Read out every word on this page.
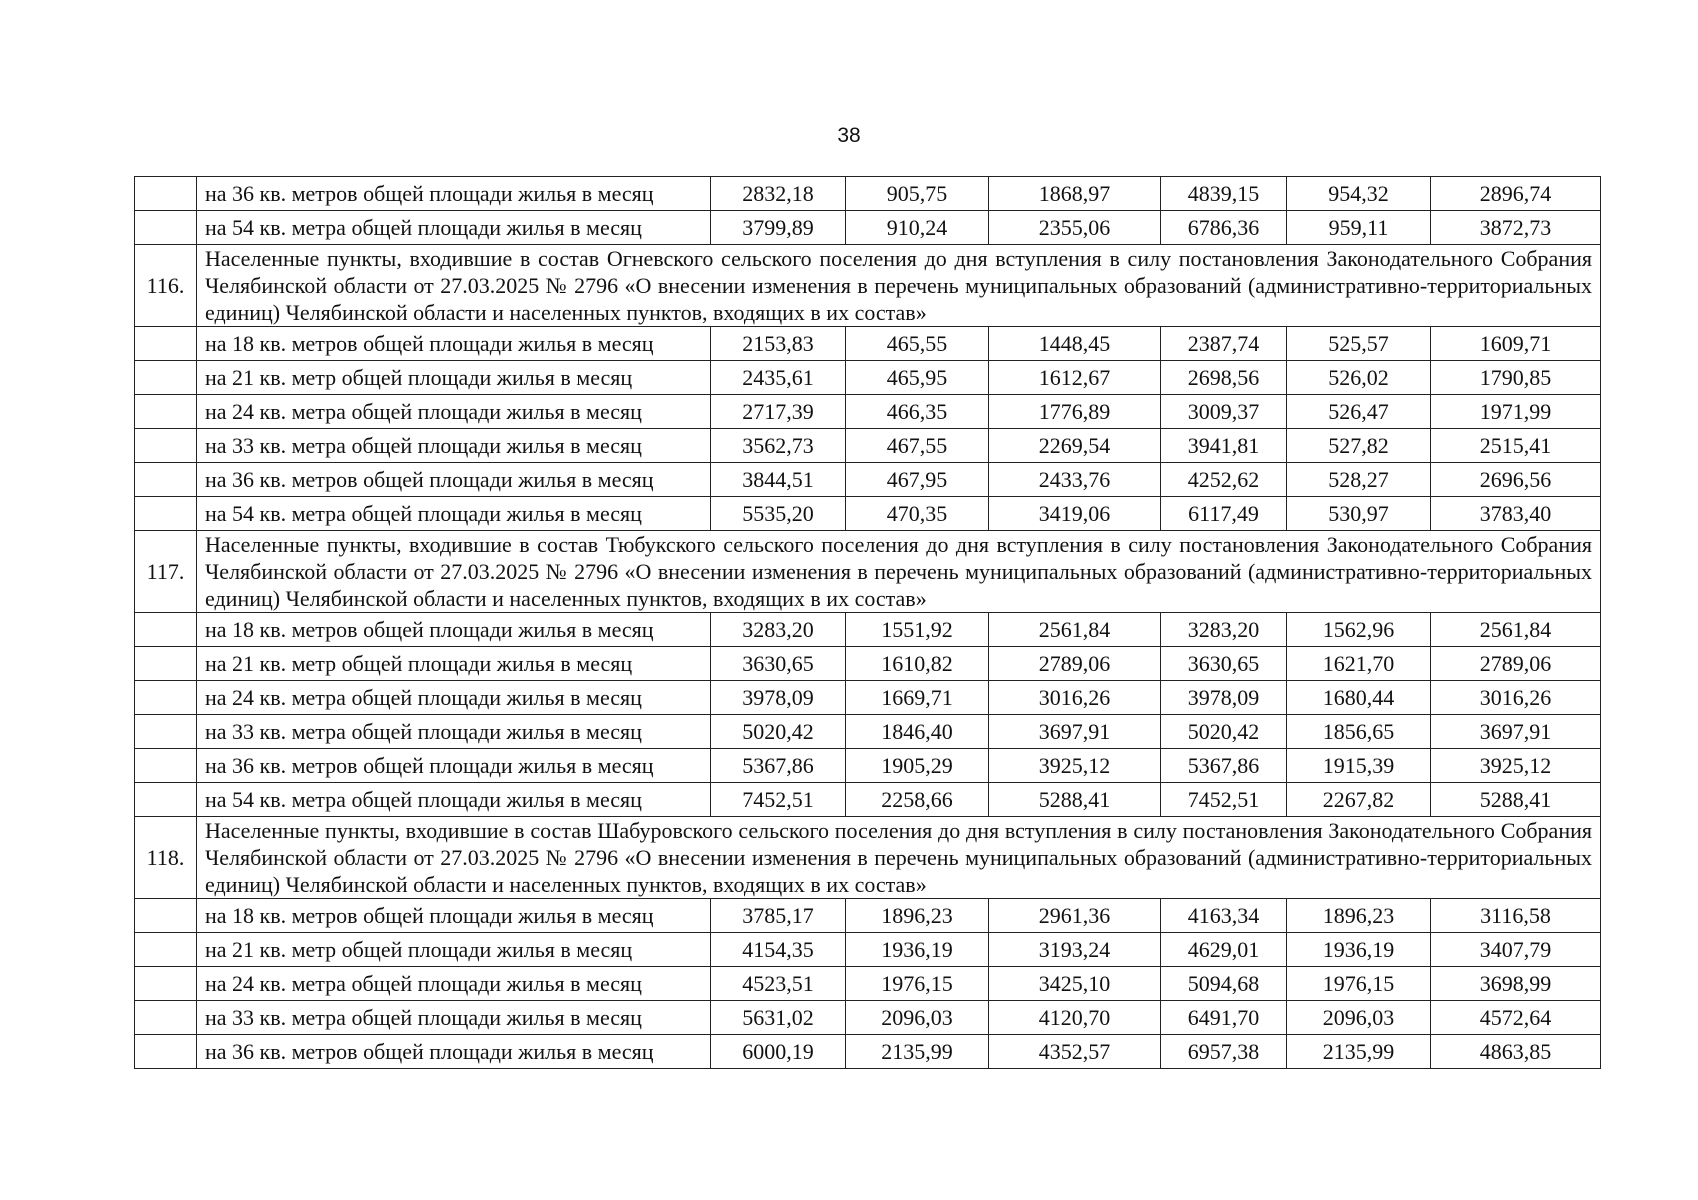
38
	на 36 кв. метров общей площади жилья в месяц	2832,18	905,75	1868,97	4839,15	954,32	2896,74
	на 54 кв. метра общей площади жилья в месяц	3799,89	910,24	2355,06	6786,36	959,11	3872,73
116.	Населенные пункты, входившие в состав Огневского сельского поселения до дня вступления в силу постановления Законодательного Собрания Челябинской области от 27.03.2025 № 2796 «О внесении изменения в перечень муниципальных образований (административно-территориальных единиц) Челябинской области и населенных пунктов, входящих в их состав»						
	на 18 кв. метров общей площади жилья в месяц	2153,83	465,55	1448,45	2387,74	525,57	1609,71
	на 21 кв. метр общей площади жилья в месяц	2435,61	465,95	1612,67	2698,56	526,02	1790,85
	на 24 кв. метра общей площади жилья в месяц	2717,39	466,35	1776,89	3009,37	526,47	1971,99
	на 33 кв. метра общей площади жилья в месяц	3562,73	467,55	2269,54	3941,81	527,82	2515,41
	на 36 кв. метров общей площади жилья в месяц	3844,51	467,95	2433,76	4252,62	528,27	2696,56
	на 54 кв. метра общей площади жилья в месяц	5535,20	470,35	3419,06	6117,49	530,97	3783,40
117.	Населенные пункты, входившие в состав Тюбукского сельского поселения до дня вступления в силу постановления Законодательного Собрания Челябинской области от 27.03.2025 № 2796 «О внесении изменения в перечень муниципальных образований (административно-территориальных единиц) Челябинской области и населенных пунктов, входящих в их состав»						
	на 18 кв. метров общей площади жилья в месяц	3283,20	1551,92	2561,84	3283,20	1562,96	2561,84
	на 21 кв. метр общей площади жилья в месяц	3630,65	1610,82	2789,06	3630,65	1621,70	2789,06
	на 24 кв. метра общей площади жилья в месяц	3978,09	1669,71	3016,26	3978,09	1680,44	3016,26
	на 33 кв. метра общей площади жилья в месяц	5020,42	1846,40	3697,91	5020,42	1856,65	3697,91
	на 36 кв. метров общей площади жилья в месяц	5367,86	1905,29	3925,12	5367,86	1915,39	3925,12
	на 54 кв. метра общей площади жилья в месяц	7452,51	2258,66	5288,41	7452,51	2267,82	5288,41
118.	Населенные пункты, входившие в состав Шабуровского сельского поселения до дня вступления в силу постановления Законодательного Собрания Челябинской области от 27.03.2025 № 2796 «О внесении изменения в перечень муниципальных образований (административно-территориальных единиц) Челябинской области и населенных пунктов, входящих в их состав»						
	на 18 кв. метров общей площади жилья в месяц	3785,17	1896,23	2961,36	4163,34	1896,23	3116,58
	на 21 кв. метр общей площади жилья в месяц	4154,35	1936,19	3193,24	4629,01	1936,19	3407,79
	на 24 кв. метра общей площади жилья в месяц	4523,51	1976,15	3425,10	5094,68	1976,15	3698,99
	на 33 кв. метра общей площади жилья в месяц	5631,02	2096,03	4120,70	6491,70	2096,03	4572,64
	на 36 кв. метров общей площади жилья в месяц	6000,19	2135,99	4352,57	6957,38	2135,99	4863,85
